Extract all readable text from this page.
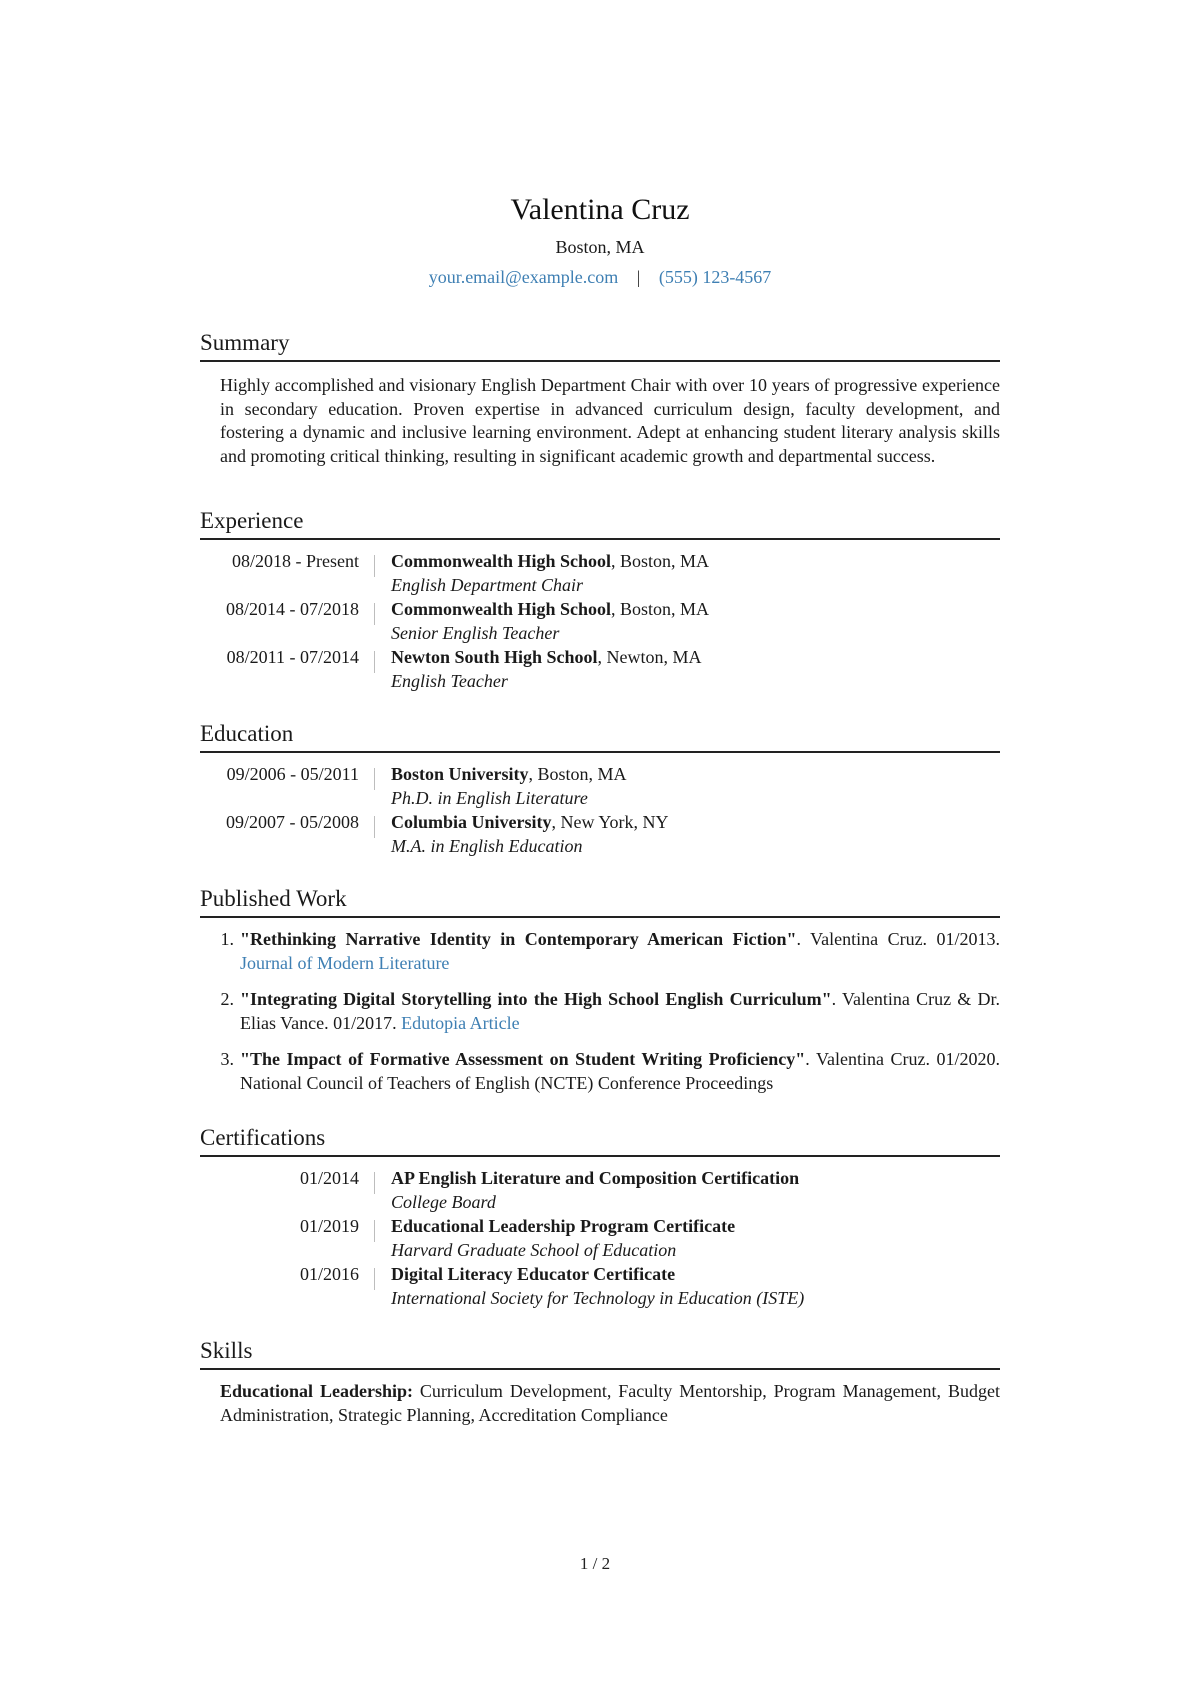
Valentina Cruz
Boston, MA
your.email@example.com | (555) 123-4567
Summary
Highly accomplished and visionary English Department Chair with over 10 years of progressive experience in secondary education. Proven expertise in advanced curriculum design, faculty development, and fostering a dynamic and inclusive learning environment. Adept at enhancing student literary analysis skills and promoting critical thinking, resulting in significant academic growth and departmental success.
Experience
08/2018 - Present	Commonwealth High School, Boston, MA
English Department Chair
08/2014 - 07/2018	Commonwealth High School, Boston, MA
Senior English Teacher
08/2011 - 07/2014	Newton South High School, Newton, MA
English Teacher
Education
09/2006 - 05/2011	Boston University, Boston, MA
Ph.D. in English Literature
09/2007 - 05/2008	Columbia University, New York, NY
M.A. in English Education
Published Work
1. "Rethinking Narrative Identity in Contemporary American Fiction". Valentina Cruz. 01/2013. Journal of Modern Literature
2. "Integrating Digital Storytelling into the High School English Curriculum". Valentina Cruz & Dr. Elias Vance. 01/2017. Edutopia Article
3. "The Impact of Formative Assessment on Student Writing Proficiency". Valentina Cruz. 01/2020. National Council of Teachers of English (NCTE) Conference Proceedings
Certifications
01/2014	AP English Literature and Composition Certification
College Board
01/2019	Educational Leadership Program Certificate
Harvard Graduate School of Education
01/2016	Digital Literacy Educator Certificate
International Society for Technology in Education (ISTE)
Skills
Educational Leadership: Curriculum Development, Faculty Mentorship, Program Management, Budget Administration, Strategic Planning, Accreditation Compliance
1 / 2
